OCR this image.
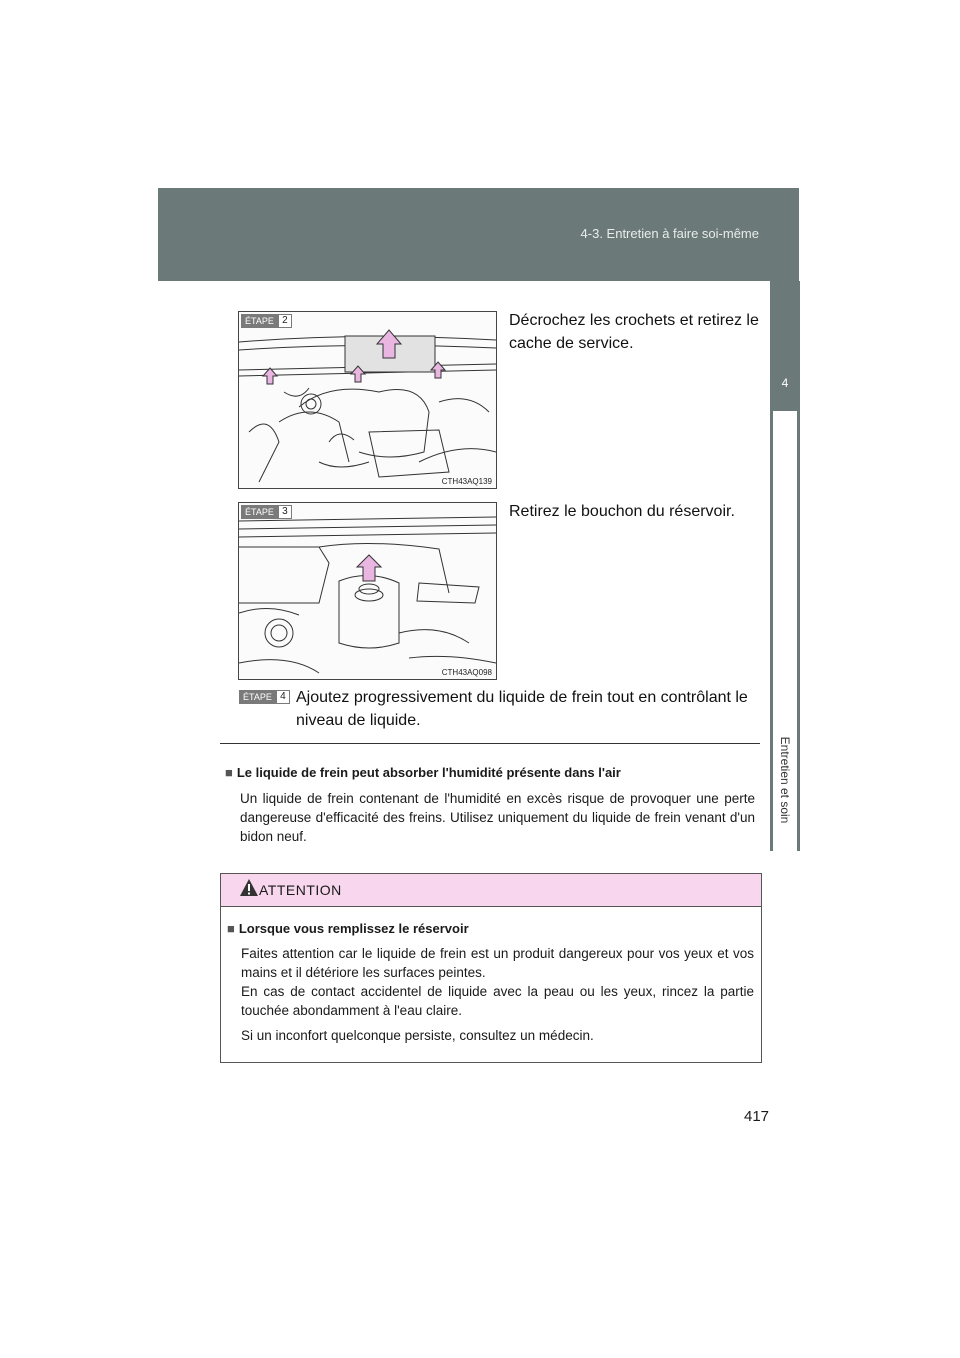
4-3. Entretien à faire soi-même
4
Entretien et soin
ÉTAPE 2
CTH43AQ139
Décrochez les crochets et retirez le cache de service.
ÉTAPE 3
CTH43AQ098
Retirez le bouchon du réservoir.
ÉTAPE 4 Ajoutez progressivement du liquide de frein tout en contrôlant le niveau de liquide.
■ Le liquide de frein peut absorber l'humidité présente dans l'air
Un liquide de frein contenant de l'humidité en excès risque de provoquer une perte dangereuse d'efficacité des freins. Utilisez uniquement du liquide de frein venant d'un bidon neuf.
ATTENTION
■ Lorsque vous remplissez le réservoir
Faites attention car le liquide de frein est un produit dangereux pour vos yeux et vos mains et il détériore les surfaces peintes.
En cas de contact accidentel de liquide avec la peau ou les yeux, rincez la partie touchée abondamment à l'eau claire.
Si un inconfort quelconque persiste, consultez un médecin.
417
